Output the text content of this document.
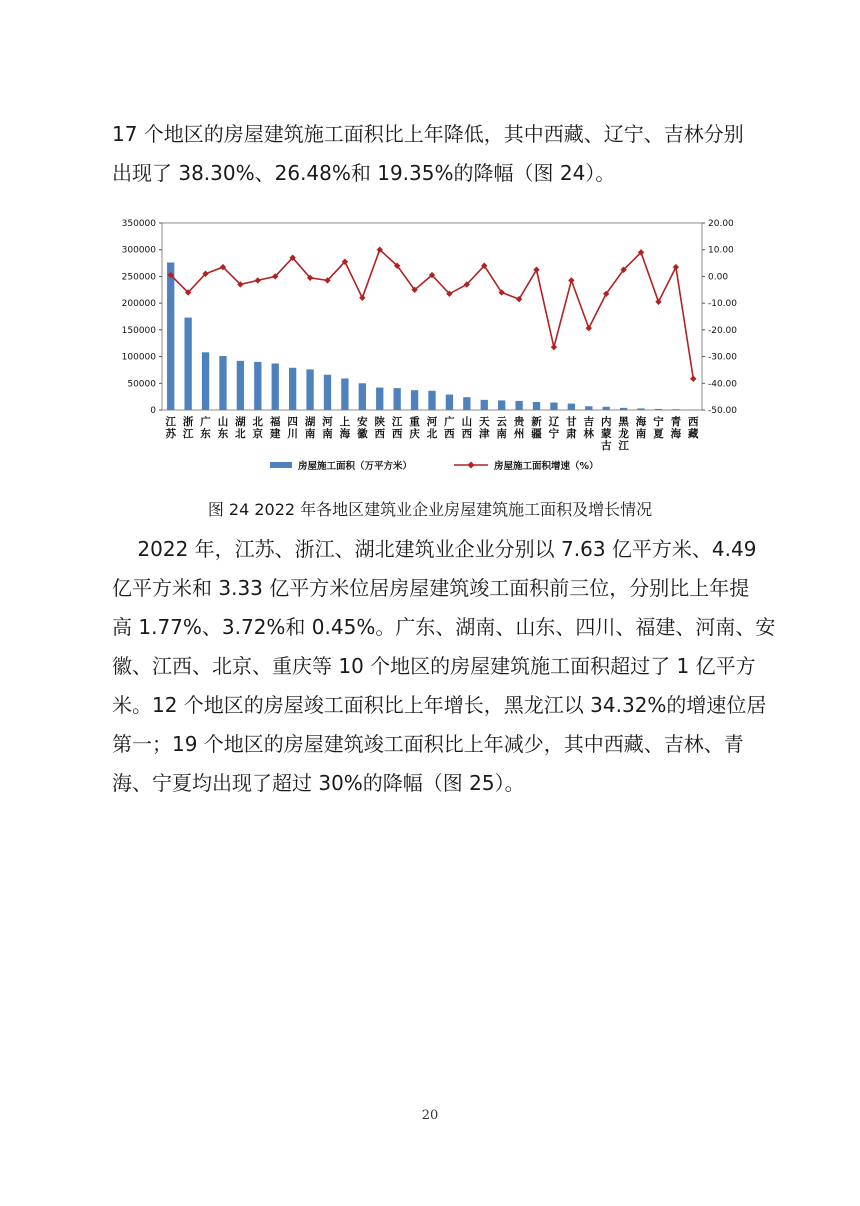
17 个地区的房屋建筑施工面积比上年降低，其中西藏、辽宁、吉林分别
出现了 38.30%、26.48%和 19.35%的降幅（图 24）。
0
50000
100000
150000
200000
250000
300000
350000
-50.00
-40.00
-30.00
-20.00
-10.00
0.00
10.00
20.00
江苏
浙江
广东
山东
湖北
北京
福建
四川
湖南
河南
上海
安徽
陕西
江西
重庆
河北
广西
山西
天津
云南
贵州
新疆
辽宁
甘肃
吉林
内蒙古
黑龙江
海南
宁夏
青海
西藏
房屋施工面积（万平方米）	房屋施工面积增速（%）
图 24 2022 年各地区建筑业企业房屋建筑施工面积及增长情况
2022 年，江苏、浙江、湖北建筑业企业分别以 7.63 亿平方米、4.49
亿平方米和 3.33 亿平方米位居房屋建筑竣工面积前三位，分别比上年提
高 1.77%、3.72%和 0.45%。广东、湖南、山东、四川、福建、河南、安
徽、江西、北京、重庆等 10 个地区的房屋建筑施工面积超过了 1 亿平方
米。12 个地区的房屋竣工面积比上年增长，黑龙江以 34.32%的增速位居
第一；19 个地区的房屋建筑竣工面积比上年减少，其中西藏、吉林、青
海、宁夏均出现了超过 30%的降幅（图 25）。
20
